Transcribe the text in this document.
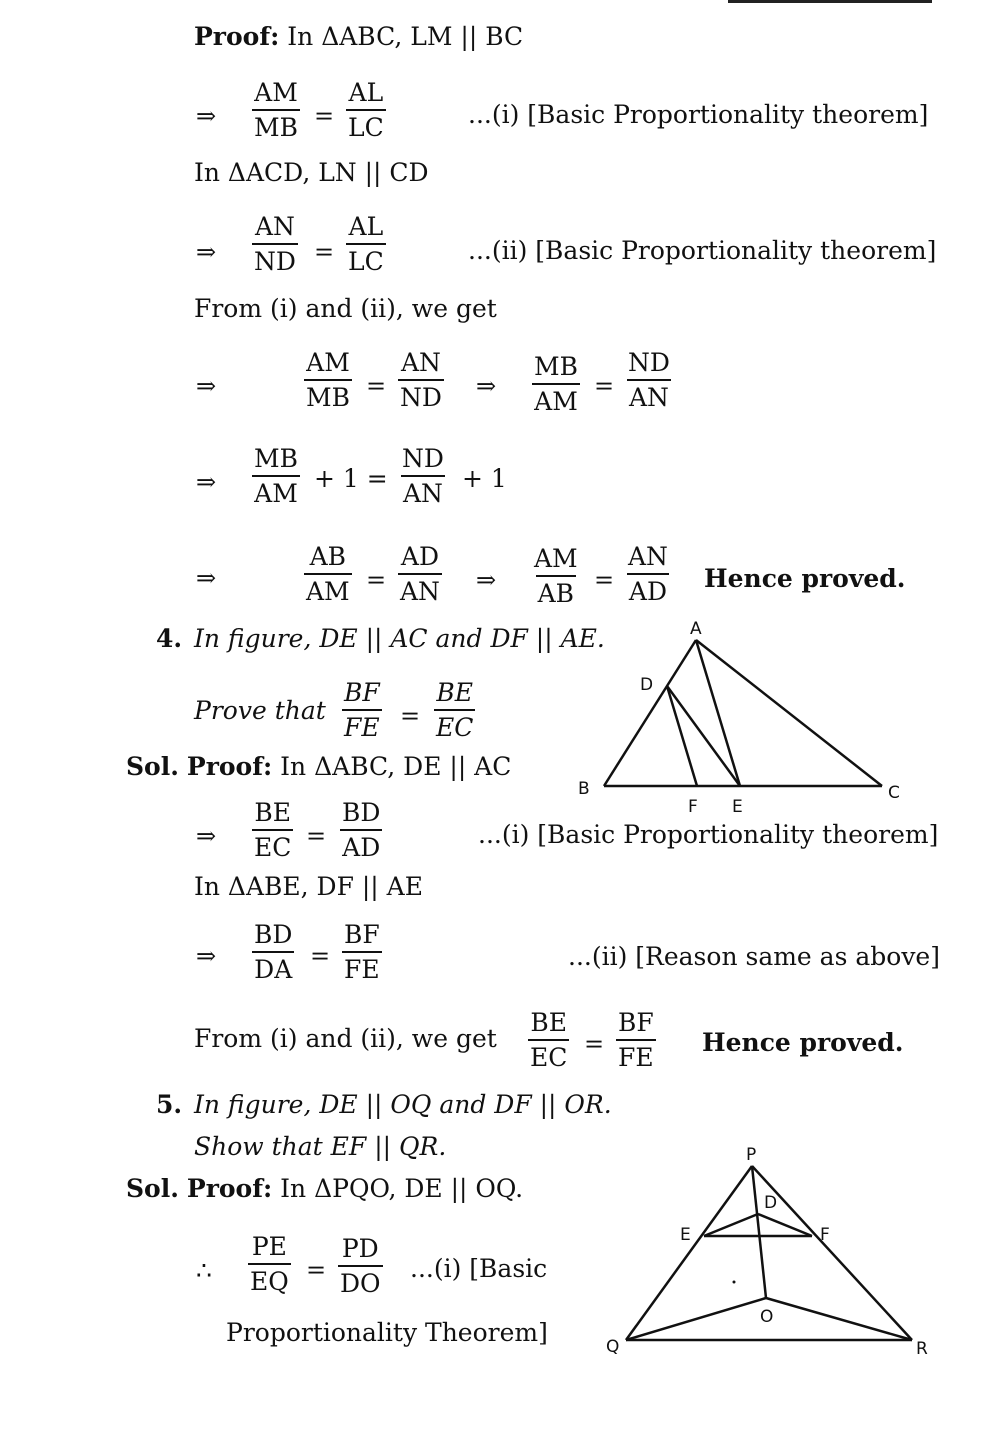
Proof: In ΔABC, LM || BC
⇒ $\frac{AM}{MB} = \frac{AL}{LC}$	...(i) [Basic Proportionality theorem]
In ΔACD, LN || CD
⇒ $\frac{AN}{ND} = \frac{AL}{LC}$	...(ii) [Basic Proportionality theorem]
From (i) and (ii), we get
⇒	$\frac{AM}{MB} = \frac{AN}{ND}$ ⇒ $\frac{MB}{AM} = \frac{ND}{AN}$
⇒ $\frac{MB}{AM} + 1 = \frac{ND}{AN} + 1$
⇒	$\frac{AB}{AM} = \frac{AD}{AN}$ ⇒ $\frac{AM}{AB} = \frac{AN}{AD}$ Hence proved.
4. In figure, DE || AC and DF || AE.
Prove that $\frac{BF}{FE} = \frac{BE}{EC}$
Sol. Proof: In ΔABC, DE || AC
⇒ $\frac{BE}{EC} = \frac{BD}{AD}$	...(i) [Basic Proportionality theorem]
In ΔABE, DF || AE
⇒ $\frac{BD}{DA} = \frac{BF}{FE}$	...(ii) [Reason same as above]
From (i) and (ii), we get $\frac{BE}{EC} = \frac{BF}{FE}$ Hence proved.
A
D
B	C
F E
P
D
E	F
O
Q	R
5. In figure, DE || OQ and DF || OR.
Show that EF || QR.
Sol. Proof: In ΔPQO, DE || OQ.
∴ $\frac{PE}{EQ} = \frac{PD}{DO} ...(i)$ [Basic
Proportionality Theorem]
